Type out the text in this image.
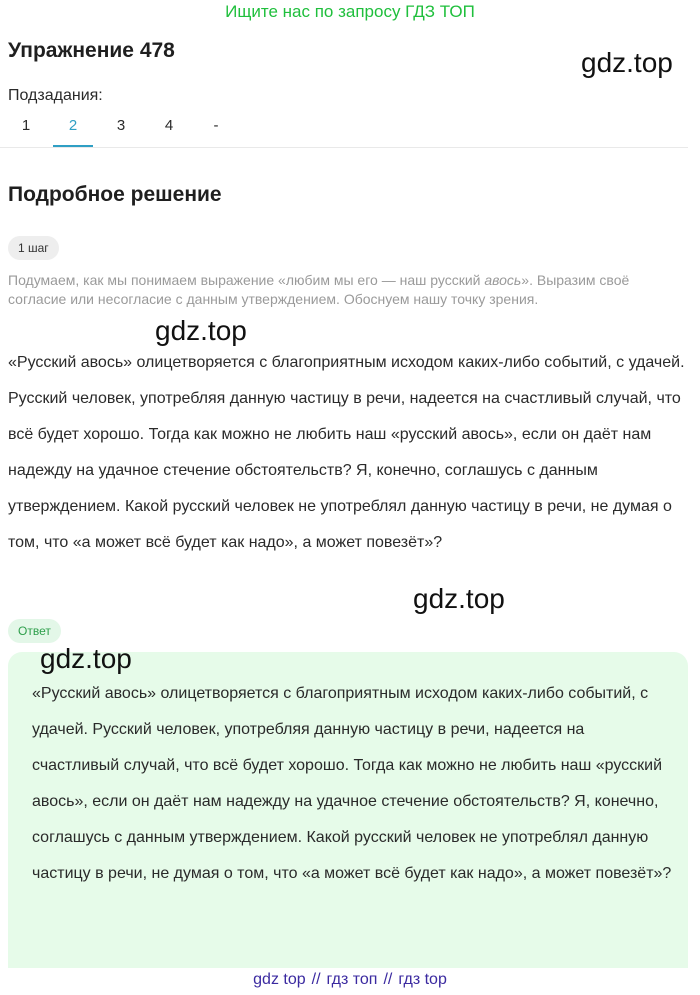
Ищите нас по запросу ГДЗ ТОП
Упражнение 478	gdz.top
Подзадания:
1	2	3	4	-
Подробное решение
1 шаг

Подумаем, как мы понимаем выражение «любим мы его — наш русский авось». Выразим своё согласие или несогласие с данным утверждением. Обоснуем нашу точку зрения.

gdz.top

«Русский авось» олицетворяется с благоприятным исходом каких-либо событий, с удачей. Русский человек, употребляя данную частицу в речи, надеется на счастливый случай, что всё будет хорошо. Тогда как можно не любить наш «русский авось», если он даёт нам надежду на удачное стечение обстоятельств? Я, конечно, соглашусь с данным утверждением. Какой русский человек не употреблял данную частицу в речи, не думая о том, что «а может всё будет как надо», а может повезёт»?

gdz.top
Ответ
gdz.top

«Русский авось» олицетворяется с благоприятным исходом каких-либо событий, с удачей. Русский человек, употребляя данную частицу в речи, надеется на счастливый случай, что всё будет хорошо. Тогда как можно не любить наш «русский авось», если он даёт нам надежду на удачное стечение обстоятельств? Я, конечно, соглашусь с данным утверждением. Какой русский человек не употреблял данную частицу в речи, не думая о том, что «а может всё будет как надо», а может повезёт»?

gdz top // гдз топ // гдз top
